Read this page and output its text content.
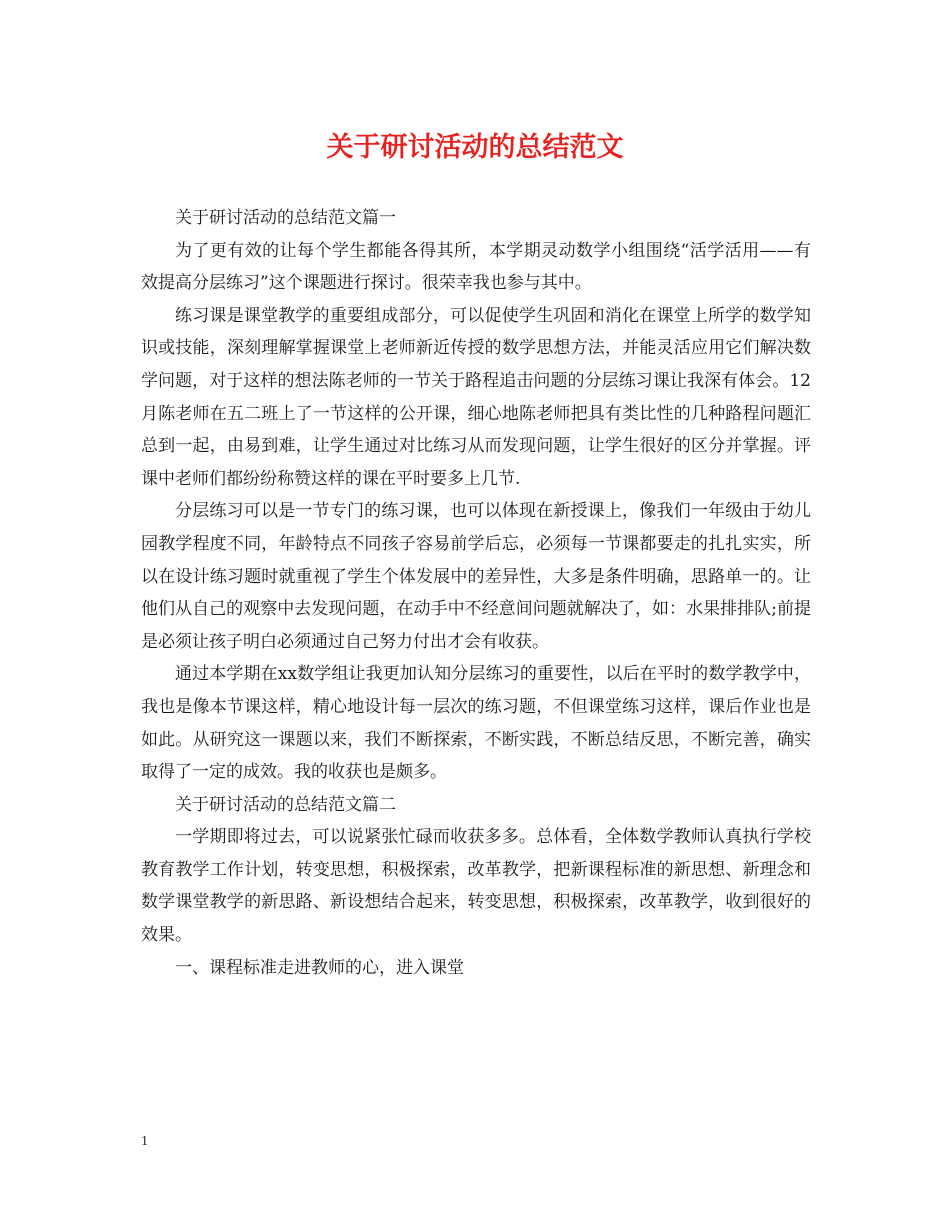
关于研讨活动的总结范文

关于研讨活动的总结范文篇一

为了更有效的让每个学生都能各得其所，本学期灵动数学小组围绕“活学活用——有效提高分层练习”这个课题进行探讨。很荣幸我也参与其中。

练习课是课堂教学的重要组成部分，可以促使学生巩固和消化在课堂上所学的数学知识或技能，深刻理解掌握课堂上老师新近传授的数学思想方法，并能灵活应用它们解决数学问题，对于这样的想法陈老师的一节关于路程追击问题的分层练习课让我深有体会。12月陈老师在五二班上了一节这样的公开课，细心地陈老师把具有类比性的几种路程问题汇总到一起，由易到难，让学生通过对比练习从而发现问题，让学生很好的区分并掌握。评课中老师们都纷纷称赞这样的课在平时要多上几节.

分层练习可以是一节专门的练习课，也可以体现在新授课上，像我们一年级由于幼儿园教学程度不同，年龄特点不同孩子容易前学后忘，必须每一节课都要走的扎扎实实，所以在设计练习题时就重视了学生个体发展中的差异性，大多是条件明确，思路单一的。让他们从自己的观察中去发现问题，在动手中不经意间问题就解决了，如：水果排排队;前提是必须让孩子明白必须通过自己努力付出才会有收获。

通过本学期在xx数学组让我更加认知分层练习的重要性，以后在平时的数学教学中，我也是像本节课这样，精心地设计每一层次的练习题，不但课堂练习这样，课后作业也是如此。从研究这一课题以来，我们不断探索，不断实践，不断总结反思，不断完善，确实取得了一定的成效。我的收获也是颇多。

关于研讨活动的总结范文篇二

一学期即将过去，可以说紧张忙碌而收获多多。总体看，全体数学教师认真执行学校教育教学工作计划，转变思想，积极探索，改革教学，把新课程标准的新思想、新理念和数学课堂教学的新思路、新设想结合起来，转变思想，积极探索，改革教学，收到很好的效果。

一、课程标准走进教师的心，进入课堂

1
